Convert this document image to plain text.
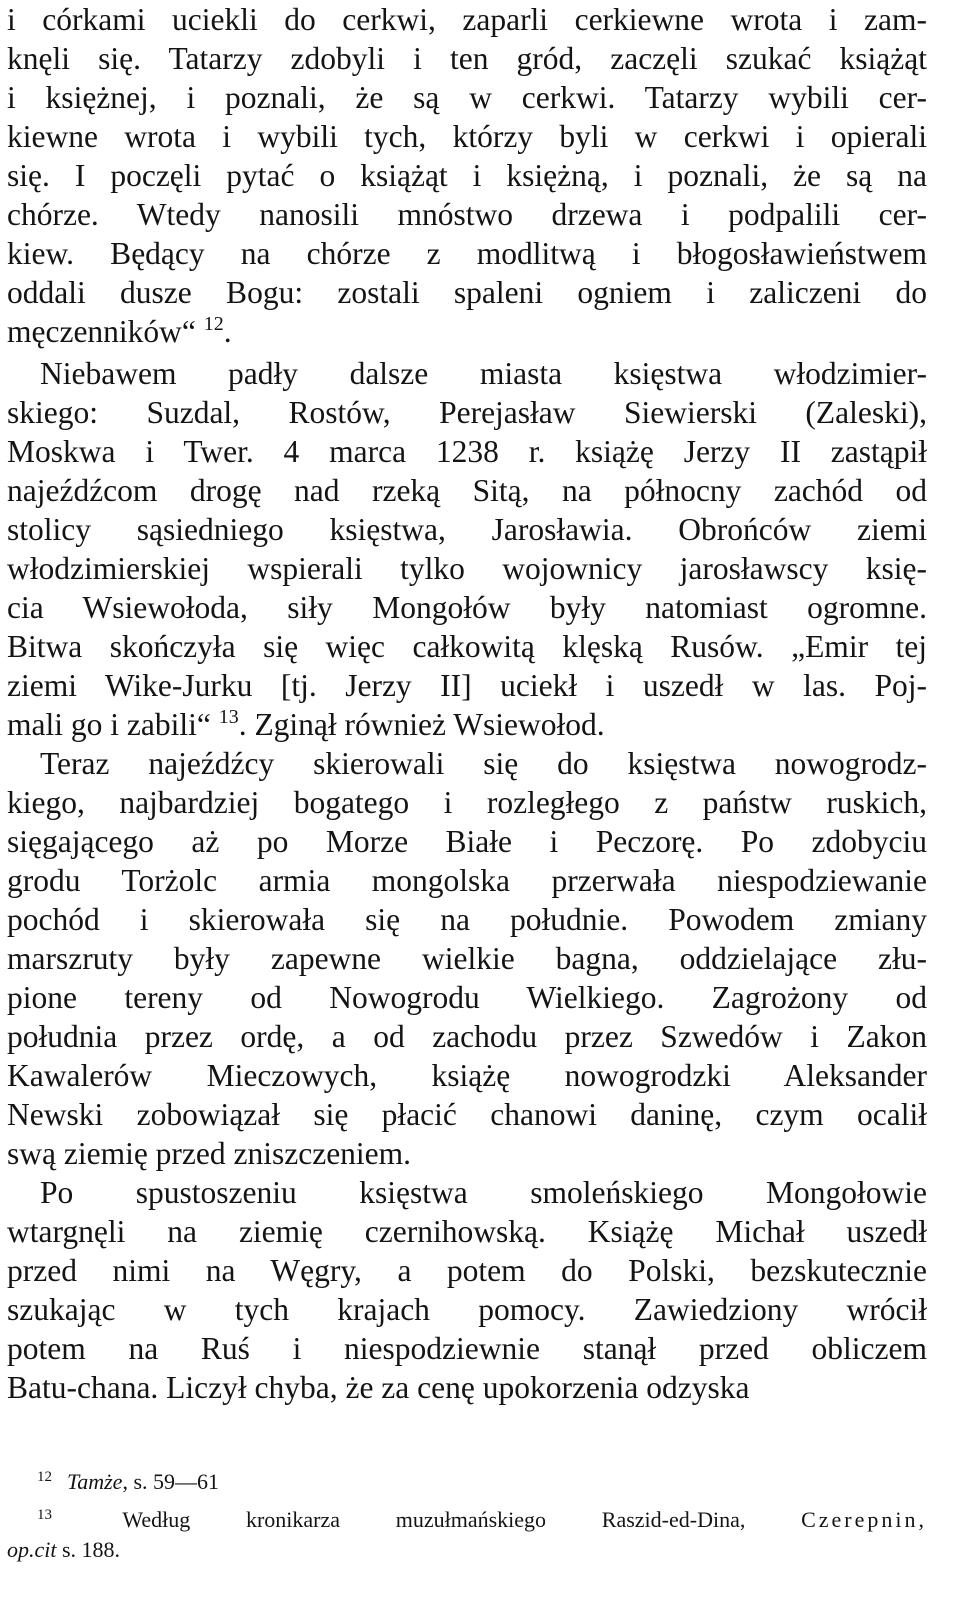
i córkami uciekli do cerkwi, zaparli cerkiewne wrota i zam-
knęli się. Tatarzy zdobyli i ten gród, zaczęli szukać książąt
i księżnej, i poznali, że są w cerkwi. Tatarzy wybili cer-
kiewne wrota i wybili tych, którzy byli w cerkwi i opierali
się. I poczęli pytać o książąt i księżną, i poznali, że są na
chórze. Wtedy nanosili mnóstwo drzewa i podpalili cer-
kiew. Będący na chórze z modlitwą i błogosławieństwem
oddali dusze Bogu: zostali spaleni ogniem i zaliczeni do
męczenników“ $^{12}$.
Niebawem padły dalsze miasta księstwa włodzimier-
skiego: Suzdal, Rostów, Perejasław Siewierski (Zaleski),
Moskwa i Twer. 4 marca 1238 r. książę Jerzy II zastąpił
najeźdźcom drogę nad rzeką Sitą, na północny zachód od
stolicy sąsiedniego księstwa, Jarosławia. Obrońców ziemi
włodzimierskiej wspierali tylko wojownicy jarosławscy księ-
cia Wsiewołoda, siły Mongołów były natomiast ogromne.
Bitwa skończyła się więc całkowitą klęską Rusów. „Emir tej
ziemi Wike-Jurku [tj. Jerzy II] uciekł i uszedł w las. Poj-
mali go i zabili“ $^{13}$. Zginął również Wsiewołod.
Teraz najeźdźcy skierowali się do księstwa nowogrodz-
kiego, najbardziej bogatego i rozległego z państw ruskich,
sięgającego aż po Morze Białe i Peczorę. Po zdobyciu
grodu Torżolc armia mongolska przerwała niespodziewanie
pochód i skierowała się na południe. Powodem zmiany
marszruty były zapewne wielkie bagna, oddzielające złu-
pione tereny od Nowogrodu Wielkiego. Zagrożony od
południa przez ordę, a od zachodu przez Szwedów i Zakon
Kawalerów Mieczowych, książę nowogrodzki Aleksander
Newski zobowiązał się płacić chanowi daninę, czym ocalił
swą ziemię przed zniszczeniem.
Po spustoszeniu księstwa smoleńskiego Mongołowie
wtargnęli na ziemię czernihowską. Książę Michał uszedł
przed nimi na Węgry, a potem do Polski, bezskutecznie
szukając w tych krajach pomocy. Zawiedziony wrócił
potem na Ruś i niespodziewnie stanął przed obliczem
Batu-chana. Liczył chyba, że za cenę upokorzenia odzyska
12 Tamże, s. 59—61
13	Według kronikarza muzułmańskiego Raszid-ed-Dina,	Czerepnin,
op.cit s. 188.
